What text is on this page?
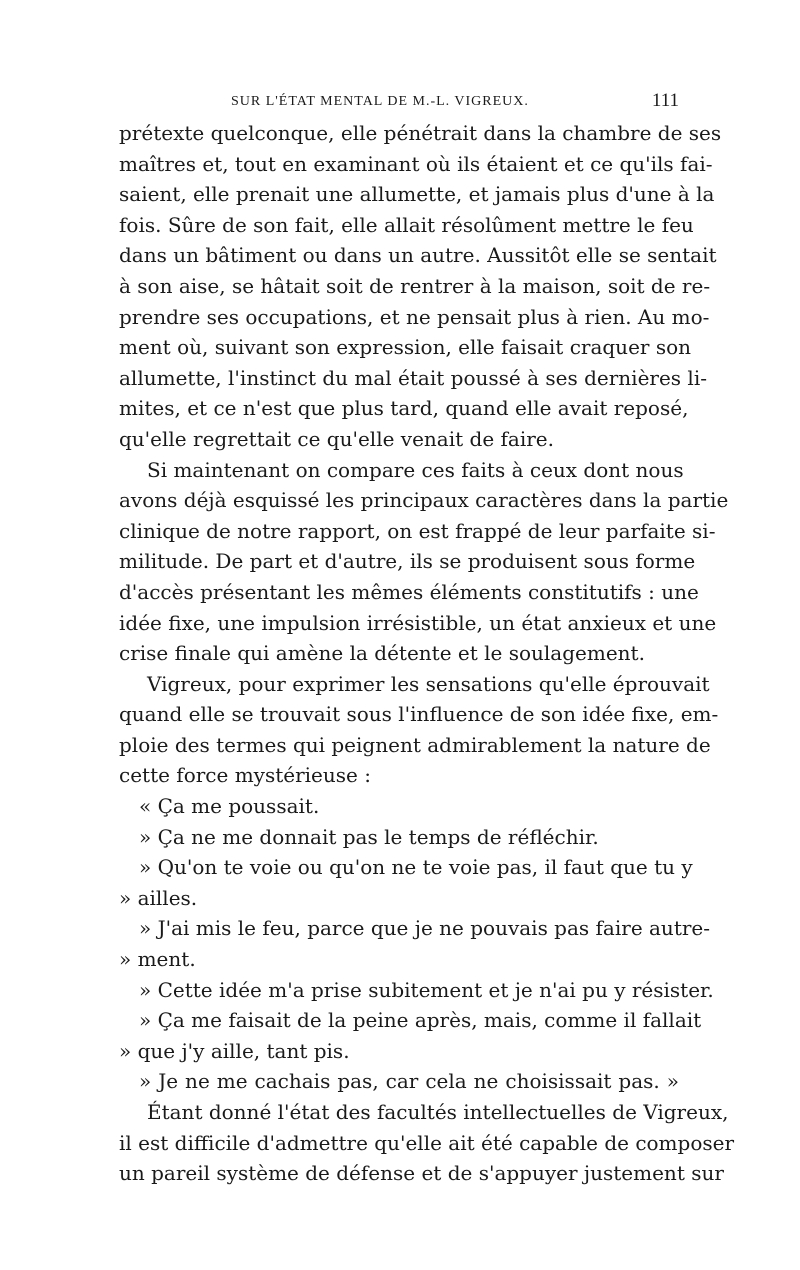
SUR L'ÉTAT MENTAL DE M.-L. VIGREUX.	111
prétexte quelconque, elle pénétrait dans la chambre de ses
maîtres et, tout en examinant où ils étaient et ce qu'ils fai-
saient, elle prenait une allumette, et jamais plus d'une à la
fois. Sûre de son fait, elle allait résolûment mettre le feu
dans un bâtiment ou dans un autre. Aussitôt elle se sentait
à son aise, se hâtait soit de rentrer à la maison, soit de re-
prendre ses occupations, et ne pensait plus à rien. Au mo-
ment où, suivant son expression, elle faisait craquer son
allumette, l'instinct du mal était poussé à ses dernières li-
mites, et ce n'est que plus tard, quand elle avait reposé,
qu'elle regrettait ce qu'elle venait de faire.
Si maintenant on compare ces faits à ceux dont nous
avons déjà esquissé les principaux caractères dans la partie
clinique de notre rapport, on est frappé de leur parfaite si-
militude. De part et d'autre, ils se produisent sous forme
d'accès présentant les mêmes éléments constitutifs : une
idée fixe, une impulsion irrésistible, un état anxieux et une
crise finale qui amène la détente et le soulagement.
Vigreux, pour exprimer les sensations qu'elle éprouvait
quand elle se trouvait sous l'influence de son idée fixe, em-
ploie des termes qui peignent admirablement la nature de
cette force mystérieuse :
« Ça me poussait.
» Ça ne me donnait pas le temps de réfléchir.
» Qu'on te voie ou qu'on ne te voie pas, il faut que tu y
» ailles.
» J'ai mis le feu, parce que je ne pouvais pas faire autre-
» ment.
» Cette idée m'a prise subitement et je n'ai pu y résister.
» Ça me faisait de la peine après, mais, comme il fallait
» que j'y aille, tant pis.
» Je ne me cachais pas, car cela ne choisissait pas. »
Étant donné l'état des facultés intellectuelles de Vigreux,
il est difficile d'admettre qu'elle ait été capable de composer
un pareil système de défense et de s'appuyer justement sur
